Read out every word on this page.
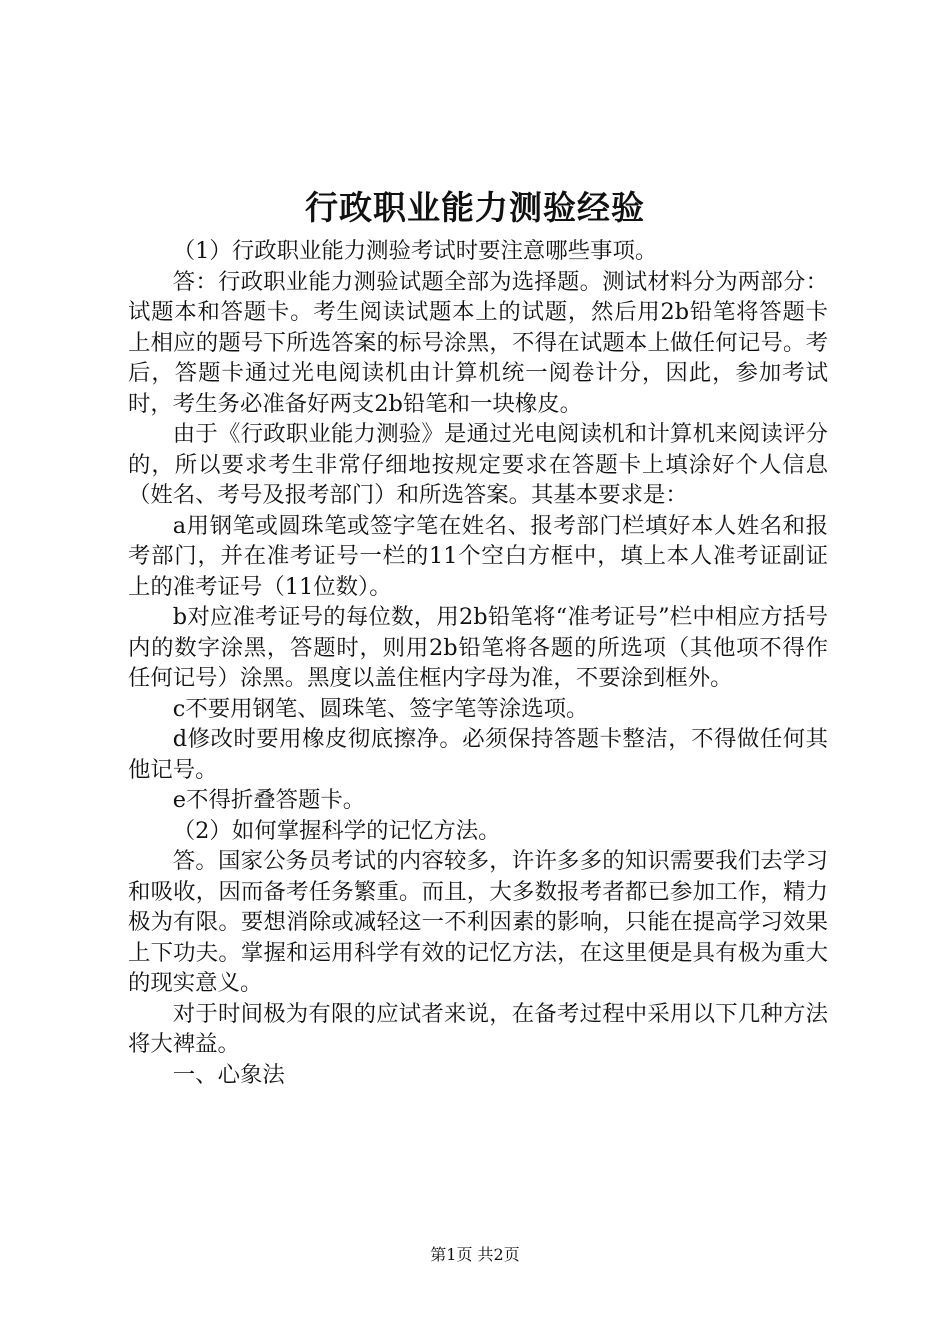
行政职业能力测验经验

（1）行政职业能力测验考试时要注意哪些事项。

答：行政职业能力测验试题全部为选择题。测试材料分为两部分：试题本和答题卡。考生阅读试题本上的试题，然后用2b铅笔将答题卡上相应的题号下所选答案的标号涂黑，不得在试题本上做任何记号。考后，答题卡通过光电阅读机由计算机统一阅卷计分，因此，参加考试时，考生务必准备好两支2b铅笔和一块橡皮。

由于《行政职业能力测验》是通过光电阅读机和计算机来阅读评分的，所以要求考生非常仔细地按规定要求在答题卡上填涂好个人信息（姓名、考号及报考部门）和所选答案。其基本要求是：

a用钢笔或圆珠笔或签字笔在姓名、报考部门栏填好本人姓名和报考部门，并在准考证号一栏的11个空白方框中，填上本人准考证副证上的准考证号（11位数）。

b对应准考证号的每位数，用2b铅笔将“准考证号”栏中相应方括号内的数字涂黑，答题时，则用2b铅笔将各题的所选项（其他项不得作任何记号）涂黑。黑度以盖住框内字母为准，不要涂到框外。

c不要用钢笔、圆珠笔、签字笔等涂选项。

d修改时要用橡皮彻底擦净。必须保持答题卡整洁，不得做任何其他记号。

e不得折叠答题卡。

（2）如何掌握科学的记忆方法。

答。国家公务员考试的内容较多，许许多多的知识需要我们去学习和吸收，因而备考任务繁重。而且，大多数报考者都已参加工作，精力极为有限。要想消除或减轻这一不利因素的影响，只能在提高学习效果上下功夫。掌握和运用科学有效的记忆方法，在这里便是具有极为重大的现实意义。

对于时间极为有限的应试者来说，在备考过程中采用以下几种方法将大裨益。

一、心象法

第1页 共2页
